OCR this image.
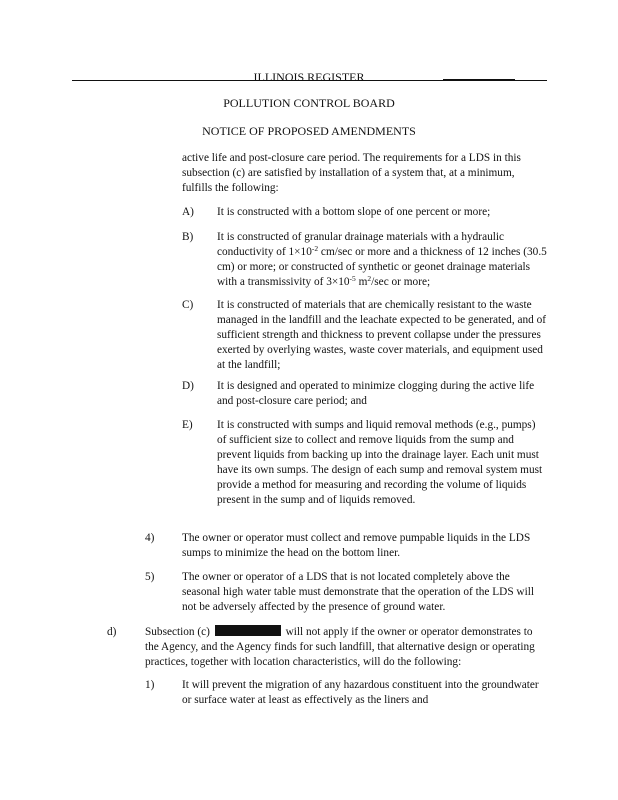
ILLINOIS REGISTER
POLLUTION CONTROL BOARD
NOTICE OF PROPOSED AMENDMENTS
active life and post-closure care period. The requirements for a LDS in this subsection (c) are satisfied by installation of a system that, at a minimum, fulfills the following:
A) It is constructed with a bottom slope of one percent or more;
B) It is constructed of granular drainage materials with a hydraulic conductivity of $1\times 10^{-2}$ cm/sec or more and a thickness of 12 inches (30.5 cm) or more; or constructed of synthetic or geonet drainage materials with a transmissivity of $3\times 10^{-5}$ $m^2/\sec$ or more;
C) It is constructed of materials that are chemically resistant to the waste managed in the landfill and the leachate expected to be generated, and of sufficient strength and thickness to prevent collapse under the pressures exerted by overlying wastes, waste cover materials, and equipment used at the landfill;
D) It is designed and operated to minimize clogging during the active life and post-closure care period; and
E) It is constructed with sumps and liquid removal methods (e.g., pumps) of sufficient size to collect and remove liquids from the sump and prevent liquids from backing up into the drainage layer. Each unit must have its own sumps. The design of each sump and removal system must provide a method for measuring and recording the volume of liquids present in the sump and of liquids removed.
4) The owner or operator must collect and remove pumpable liquids in the LDS sumps to minimize the head on the bottom liner.
5) The owner or operator of a LDS that is not located completely above the seasonal high water table must demonstrate that the operation of the LDS will not be adversely affected by the presence of ground water.
d)	Subsection (c)	will not apply if the owner or operator demonstrates to the Agency, and the Agency finds for such landfill, that alternative design or operating practices, together with location characteristics, will do the following:
1) It will prevent the migration of any hazardous constituent into the groundwater or surface water at least as effectively as the liners and
